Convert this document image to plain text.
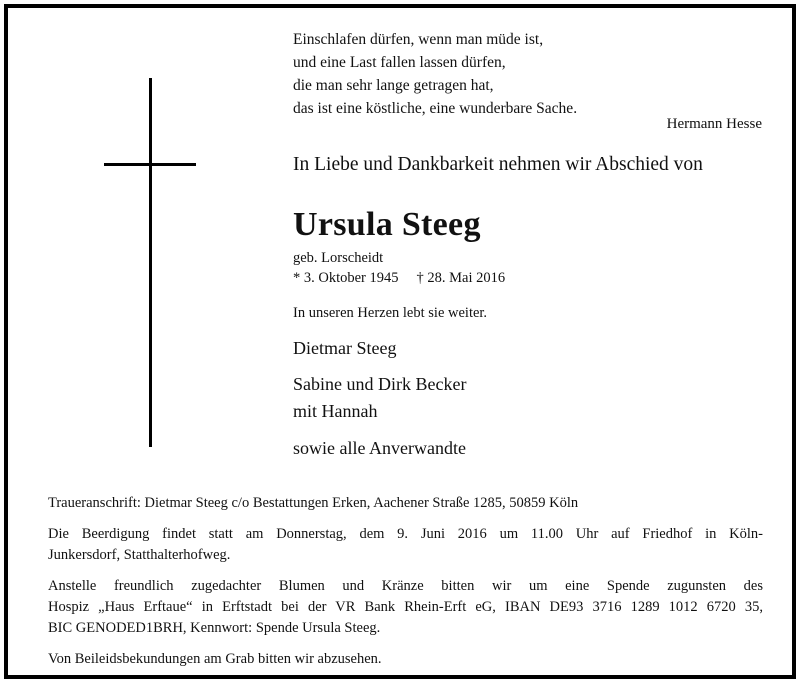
Einschlafen dürfen, wenn man müde ist,
und eine Last fallen lassen dürfen,
die man sehr lange getragen hat,
das ist eine köstliche, eine wunderbare Sache.
Hermann Hesse
In Liebe und Dankbarkeit nehmen wir Abschied von
Ursula Steeg
geb. Lorscheidt
* 3. Oktober 1945 † 28. Mai 2016
In unseren Herzen lebt sie weiter.
Dietmar Steeg
Sabine und Dirk Becker
mit Hannah
sowie alle Anverwandte
Traueranschrift: Dietmar Steeg c/o Bestattungen Erken, Aachener Straße 1285, 50859 Köln
Die Beerdigung findet statt am Donnerstag, dem 9. Juni 2016 um 11.00 Uhr auf Friedhof in Köln-
Junkersdorf, Statthalterhofweg.
Anstelle freundlich zugedachter Blumen und Kränze bitten wir um eine Spende zugunsten des
Hospiz „Haus Erftaue“ in Erftstadt bei der VR Bank Rhein-Erft eG, IBAN DE93 3716 1289 1012 6720 35,
BIC GENODED1BRH, Kennwort: Spende Ursula Steeg.
Von Beileidsbekundungen am Grab bitten wir abzusehen.
